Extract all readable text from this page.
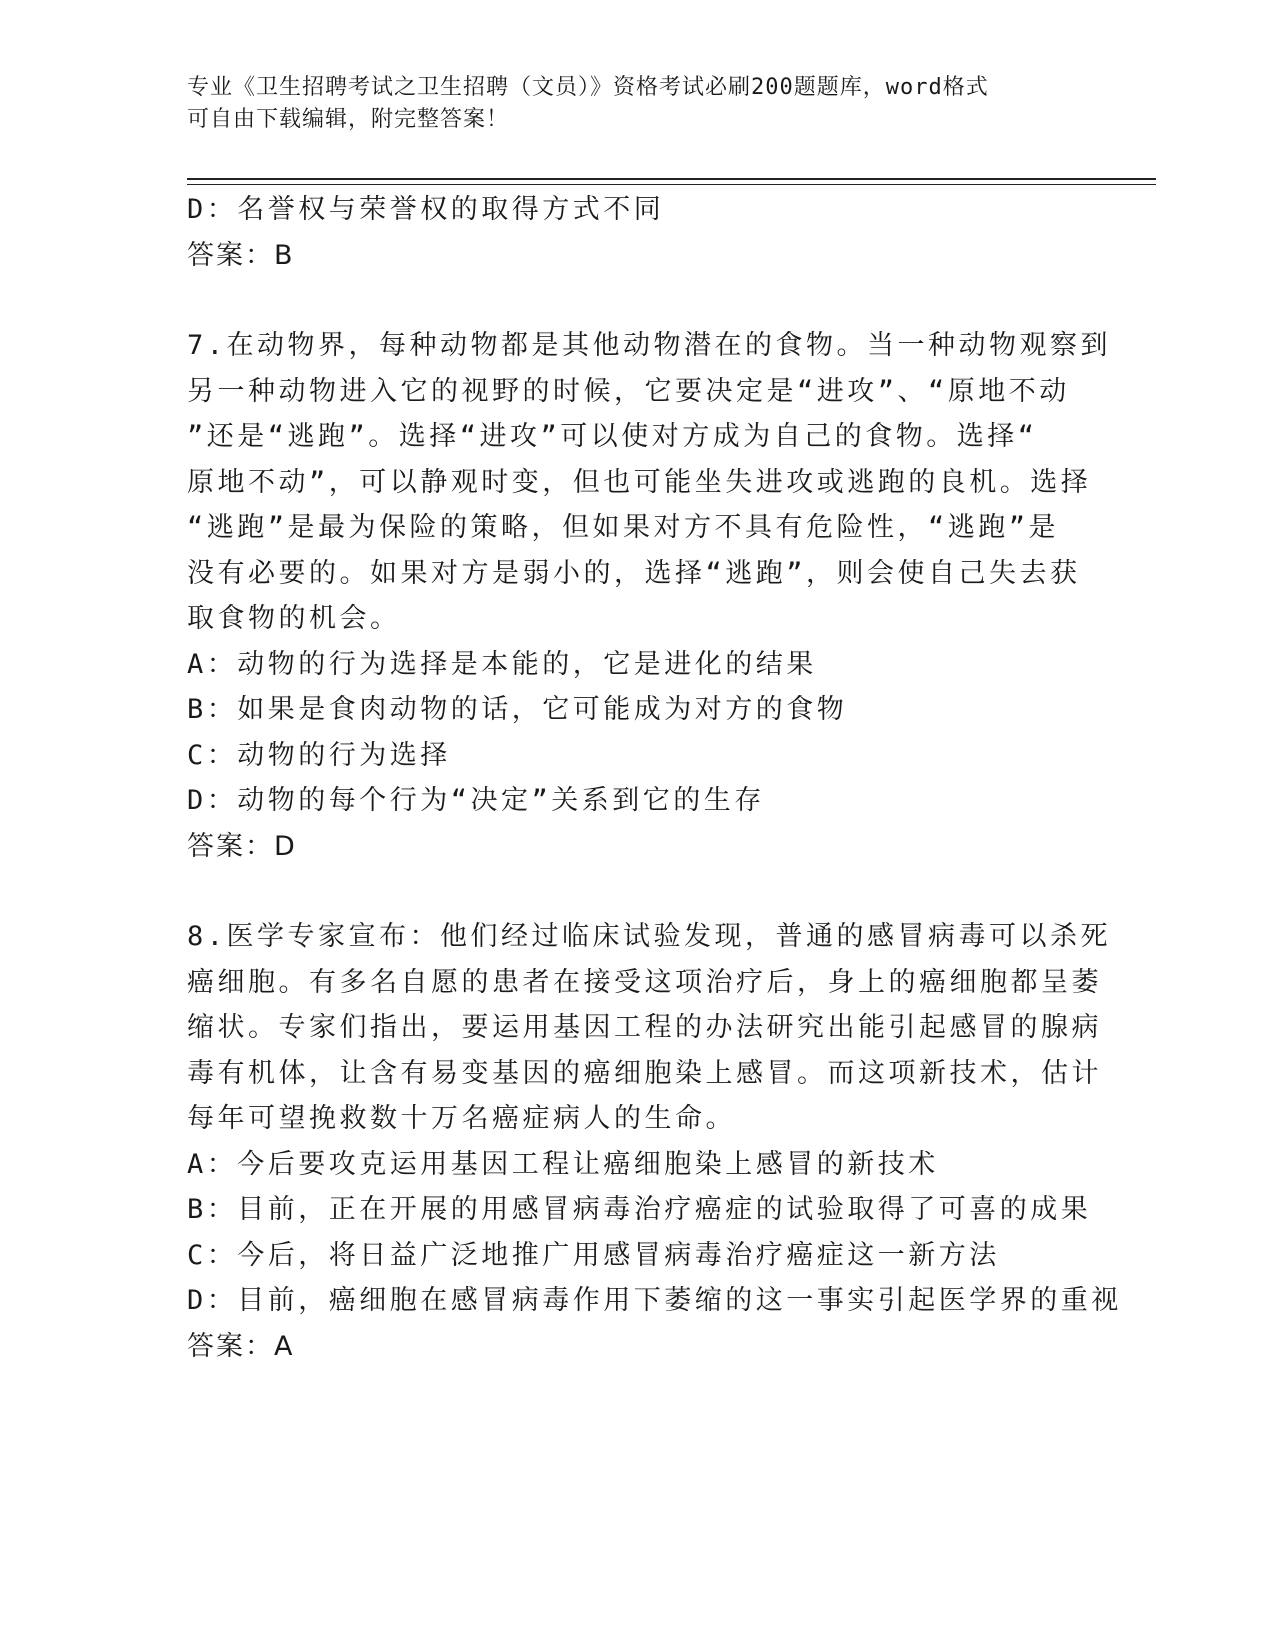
专业《卫生招聘考试之卫生招聘（文员）》资格考试必刷200题题库，word格式
可自由下载编辑，附完整答案！
D：名誉权与荣誉权的取得方式不同
答案：B
7.在动物界，每种动物都是其他动物潜在的食物。当一种动物观察到
另一种动物进入它的视野的时候，它要决定是“进攻”、“原地不动
”还是“逃跑”。选择“进攻”可以使对方成为自己的食物。选择“
原地不动”，可以静观时变，但也可能坐失进攻或逃跑的良机。选择
“逃跑”是最为保险的策略，但如果对方不具有危险性，“逃跑”是
没有必要的。如果对方是弱小的，选择“逃跑”，则会使自己失去获
取食物的机会。
A：动物的行为选择是本能的，它是进化的结果
B：如果是食肉动物的话，它可能成为对方的食物
C：动物的行为选择
D：动物的每个行为“决定”关系到它的生存
答案：D
8.医学专家宣布：他们经过临床试验发现，普通的感冒病毒可以杀死
癌细胞。有多名自愿的患者在接受这项治疗后，身上的癌细胞都呈萎
缩状。专家们指出，要运用基因工程的办法研究出能引起感冒的腺病
毒有机体，让含有易变基因的癌细胞染上感冒。而这项新技术，估计
每年可望挽救数十万名癌症病人的生命。
A：今后要攻克运用基因工程让癌细胞染上感冒的新技术
B：目前，正在开展的用感冒病毒治疗癌症的试验取得了可喜的成果
C：今后，将日益广泛地推广用感冒病毒治疗癌症这一新方法
D：目前，癌细胞在感冒病毒作用下萎缩的这一事实引起医学界的重视
答案：A
